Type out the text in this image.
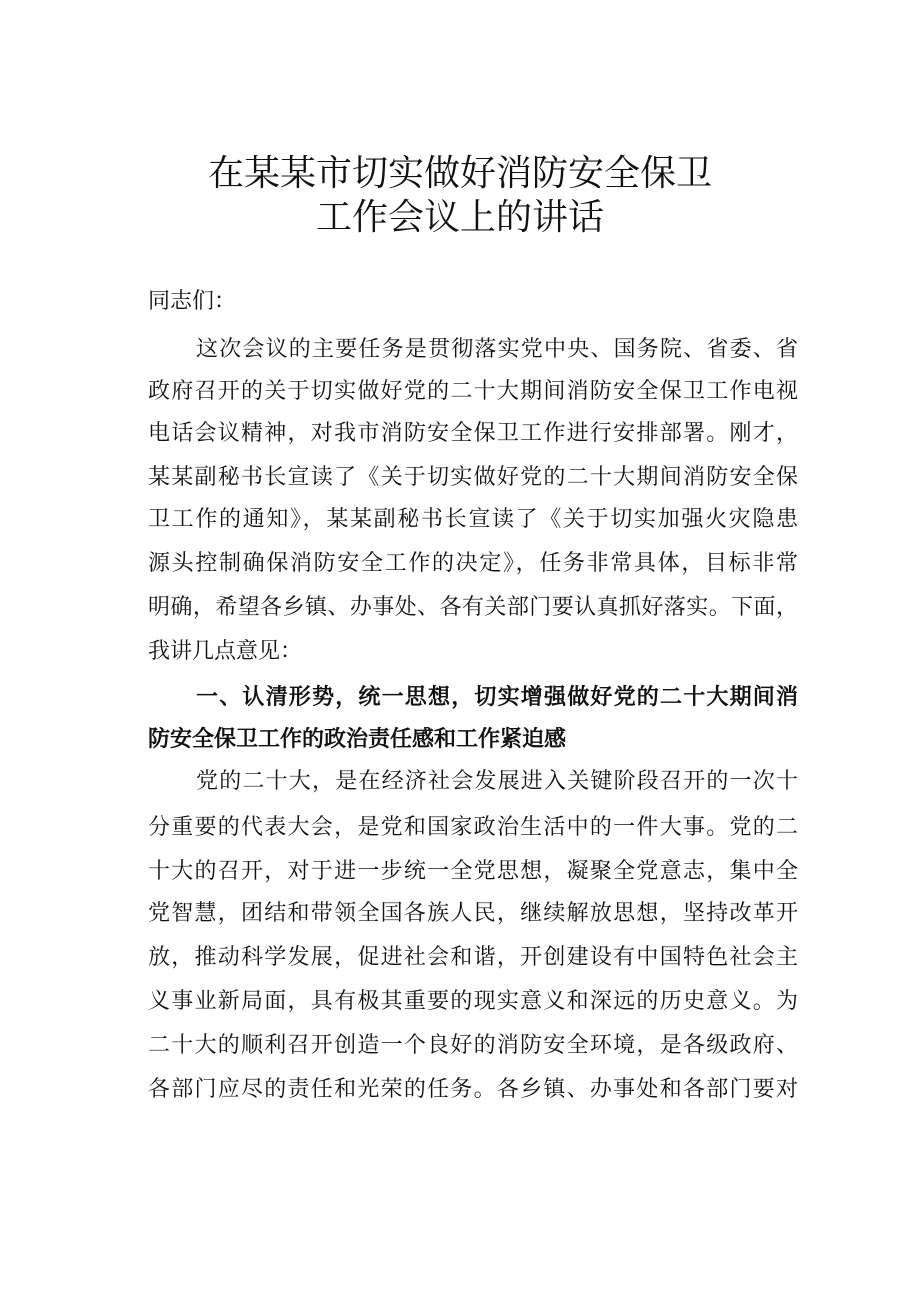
在某某市切实做好消防安全保卫
工作会议上的讲话
同志们：
这次会议的主要任务是贯彻落实党中央、国务院、省委、省
政府召开的关于切实做好党的二十大期间消防安全保卫工作电视
电话会议精神，对我市消防安全保卫工作进行安排部署。刚才，
某某副秘书长宣读了《关于切实做好党的二十大期间消防安全保
卫工作的通知》，某某副秘书长宣读了《关于切实加强火灾隐患
源头控制确保消防安全工作的决定》，任务非常具体，目标非常
明确，希望各乡镇、办事处、各有关部门要认真抓好落实。下面，
我讲几点意见：
一、认清形势，统一思想，切实增强做好党的二十大期间消
防安全保卫工作的政治责任感和工作紧迫感
党的二十大，是在经济社会发展进入关键阶段召开的一次十
分重要的代表大会，是党和国家政治生活中的一件大事。党的二
十大的召开，对于进一步统一全党思想，凝聚全党意志，集中全
党智慧，团结和带领全国各族人民，继续解放思想，坚持改革开
放，推动科学发展，促进社会和谐，开创建设有中国特色社会主
义事业新局面，具有极其重要的现实意义和深远的历史意义。为
二十大的顺利召开创造一个良好的消防安全环境，是各级政府、
各部门应尽的责任和光荣的任务。各乡镇、办事处和各部门要对
